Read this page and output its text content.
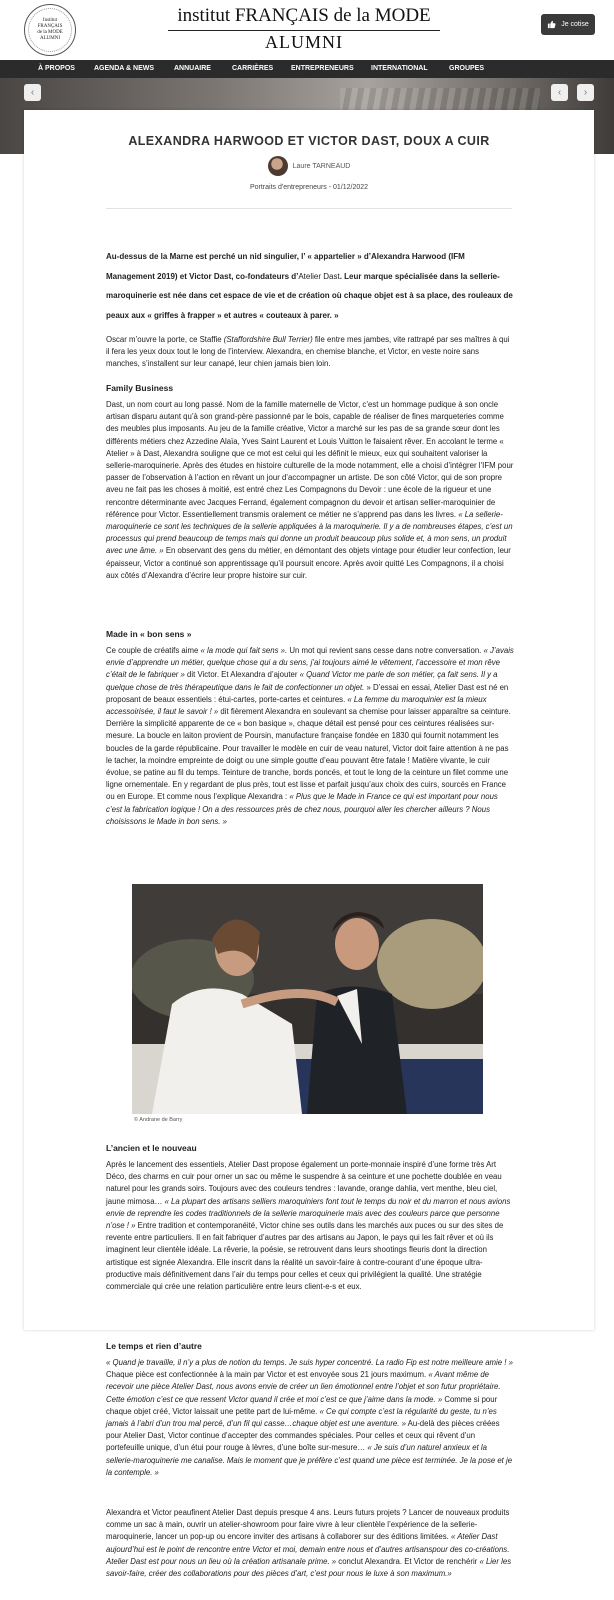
Institut
FRANÇAIS
de la MODE
ALUMNI
institut FRANÇAIS de la MODE
ALUMNI
Je cotise
À PROPOS	AGENDA & NEWS	ANNUAIRE	CARRIÈRES	ENTREPRENEURS INTERNATIONAL	GROUPES
‹	‹	›
ALEXANDRA HARWOOD ET VICTOR DAST, DOUX A CUIR
Laure TARNEAUD
Portraits d'entrepreneurs - 01/12/2022

Au-dessus de la Marne est perché un nid singulier, l’ « appartelier » d’Alexandra Harwood (IFM Management 2019) et Victor Dast, co-fondateurs d’Atelier Dast. Leur marque spécialisée dans la sellerie-maroquinerie est née dans cet espace de vie et de création où chaque objet est à sa place, des rouleaux de peaux aux « griffes à frapper » et autres « couteaux à parer. »

Oscar m’ouvre la porte, ce Staffie (Staffordshire Bull Terrier) file entre mes jambes, vite rattrapé par ses maîtres à qui il fera les yeux doux tout le long de l’interview. Alexandra, en chemise blanche, et Victor, en veste noire sans manches, s’installent sur leur canapé, leur chien jamais bien loin.

Family Business

Dast, un nom court au long passé. Nom de la famille maternelle de Victor, c’est un hommage pudique à son oncle artisan disparu autant qu’à son grand-père passionné par le bois, capable de réaliser de fines marqueteries comme des meubles plus imposants. Au jeu de la famille créative, Victor a marché sur les pas de sa grande sœur dont les différents métiers chez Azzedine Alaïa, Yves Saint Laurent et Louis Vuitton le faisaient rêver. En accolant le terme « Atelier » à Dast, Alexandra souligne que ce mot est celui qui les définit le mieux, eux qui souhaitent valoriser la sellerie-maroquinerie. Après des études en histoire culturelle de la mode notamment, elle a choisi d’intégrer l’IFM pour passer de l’observation à l’action en rêvant un jour d’accompagner un artiste. De son côté Victor, qui de son propre aveu ne fait pas les choses à moitié, est entré chez Les Compagnons du Devoir : une école de la rigueur et une rencontre déterminante avec Jacques Ferrand, également compagnon du devoir et artisan sellier-maroquinier de référence pour Victor. Essentiellement transmis oralement ce métier ne s’apprend pas dans les livres. « La sellerie-maroquinerie ce sont les techniques de la sellerie appliquées à la maroquinerie. Il y a de nombreuses étapes, c’est un processus qui prend beaucoup de temps mais qui donne un produit beaucoup plus solide et, à mon sens, un produit avec une âme. » En observant des gens du métier, en démontant des objets vintage pour étudier leur confection, leur épaisseur, Victor a continué son apprentissage qu’il poursuit encore. Après avoir quitté Les Compagnons, il a choisi aux côtés d’Alexandra d’écrire leur propre histoire sur cuir.

Made in « bon sens »

Ce couple de créatifs aime « la mode qui fait sens ». Un mot qui revient sans cesse dans notre conversation. « J’avais envie d’apprendre un métier, quelque chose qui a du sens, j’ai toujours aimé le vêtement, l’accessoire et mon rêve c’était de le fabriquer » dit Victor. Et Alexandra d’ajouter « Quand Victor me parle de son métier, ça fait sens. Il y a quelque chose de très thérapeutique dans le fait de confectionner un objet. » D’essai en essai, Atelier Dast est né en proposant de beaux essentiels : étui-cartes, porte-cartes et ceintures. « La femme du maroquinier est la mieux accessoirisée, il faut le savoir ! » dit fièrement Alexandra en soulevant sa chemise pour laisser apparaître sa ceinture. Derrière la simplicité apparente de ce « bon basique », chaque détail est pensé pour ces ceintures réalisées sur-mesure. La boucle en laiton provient de Poursin, manufacture française fondée en 1830 qui fournit notamment les boucles de la garde républicaine. Pour travailler le modèle en cuir de veau naturel, Victor doit faire attention à ne pas le tacher, la moindre empreinte de doigt ou une simple goutte d’eau pouvant être fatale ! Matière vivante, le cuir évolue, se patine au fil du temps. Teinture de tranche, bords poncés, et tout le long de la ceinture un filet comme une ligne ornementale. En y regardant de plus près, tout est lisse et parfait jusqu’aux choix des cuirs, sourcés en France ou en Europe. Et comme nous l’explique Alexandra : « Plus que le Made in France ce qui est important pour nous c’est la fabrication logique ! On a des ressources près de chez nous, pourquoi aller les chercher ailleurs ? Nous choisissons le Made in bon sens. »

© Andrane de Barry
L’ancien et le nouveau

Après le lancement des essentiels, Atelier Dast propose également un porte-monnaie inspiré d’une forme très Art Déco, des charms en cuir pour orner un sac ou même le suspendre à sa ceinture et une pochette doublée en veau naturel pour les grands soirs. Toujours avec des couleurs tendres : lavande, orange dahlia, vert menthe, bleu ciel, jaune mimosa… « La plupart des artisans selliers maroquiniers font tout le temps du noir et du marron et nous avions envie de reprendre les codes traditionnels de la sellerie maroquinerie mais avec des couleurs parce que personne n’ose ! » Entre tradition et contemporanéité, Victor chine ses outils dans les marchés aux puces ou sur des sites de revente entre particuliers. Il en fait fabriquer d’autres par des artisans au Japon, le pays qui les fait rêver et où ils imaginent leur clientèle idéale. La rêverie, la poésie, se retrouvent dans leurs shootings fleuris dont la direction artistique est signée Alexandra. Elle inscrit dans la réalité un savoir-faire à contre-courant d’une époque ultra-productive mais définitivement dans l’air du temps pour celles et ceux qui privilégient la qualité. Une stratégie commerciale qui crée une relation particulière entre leurs client-e-s et eux.

Le temps et rien d’autre

« Quand je travaille, il n’y a plus de notion du temps. Je suis hyper concentré. La radio Fip est notre meilleure amie ! » Chaque pièce est confectionnée à la main par Victor et est envoyée sous 21 jours maximum. « Avant même de recevoir une pièce Atelier Dast, nous avons envie de créer un lien émotionnel entre l’objet et son futur propriétaire. Cette émotion c’est ce que ressent Victor quand il crée et moi c’est ce que j’aime dans la mode. » Comme si pour chaque objet créé, Victor laissait une petite part de lui-même. « Ce qui compte c’est la régularité du geste, tu n’es jamais à l’abri d’un trou mal percé, d’un fil qui casse…chaque objet est une aventure. » Au-delà des pièces créées pour Atelier Dast, Victor continue d’accepter des commandes spéciales. Pour celles et ceux qui rêvent d’un portefeuille unique, d’un étui pour rouge à lèvres, d’une boîte sur-mesure… « Je suis d’un naturel anxieux et la sellerie-maroquinerie me canalise. Mais le moment que je préfère c’est quand une pièce est terminée. Je la pose et je la contemple. »

Alexandra et Victor peaufinent Atelier Dast depuis presque 4 ans. Leurs futurs projets ? Lancer de nouveaux produits comme un sac à main, ouvrir un atelier-showroom pour faire vivre à leur clientèle l’expérience de la sellerie-maroquinerie, lancer un pop-up ou encore inviter des artisans à collaborer sur des éditions limitées. « Atelier Dast aujourd’hui est le point de rencontre entre Victor et moi, demain entre nous et d’autres artisanspour des co-créations. Atelier Dast est pour nous un lieu où la création artisanale prime. » conclut Alexandra. Et Victor de renchérir « Lier les savoir-faire, créer des collaborations pour des pièces d’art, c’est pour nous le luxe à son maximum.»
